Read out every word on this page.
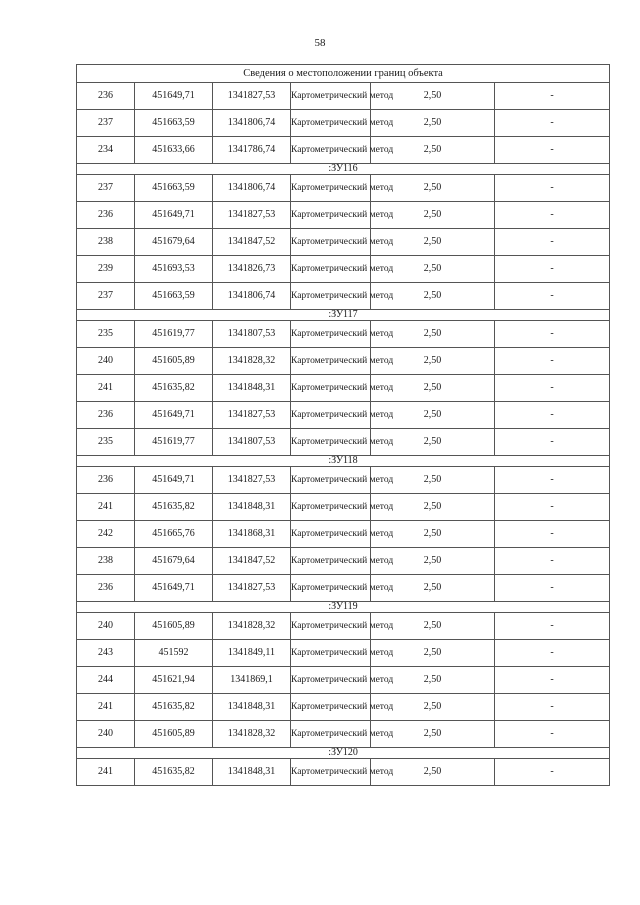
58
Сведения о местоположении границ объекта					
236	451649,71	1341827,53	Картометрический метод	2,50	-
237	451663,59	1341806,74	Картометрический метод	2,50	-
234	451633,66	1341786,74	Картометрический метод	2,50	-
:ЗУ116					
237	451663,59	1341806,74	Картометрический метод	2,50	-
236	451649,71	1341827,53	Картометрический метод	2,50	-
238	451679,64	1341847,52	Картометрический метод	2,50	-
239	451693,53	1341826,73	Картометрический метод	2,50	-
237	451663,59	1341806,74	Картометрический метод	2,50	-
:ЗУ117					
235	451619,77	1341807,53	Картометрический метод	2,50	-
240	451605,89	1341828,32	Картометрический метод	2,50	-
241	451635,82	1341848,31	Картометрический метод	2,50	-
236	451649,71	1341827,53	Картометрический метод	2,50	-
235	451619,77	1341807,53	Картометрический метод	2,50	-
:ЗУ118					
236	451649,71	1341827,53	Картометрический метод	2,50	-
241	451635,82	1341848,31	Картометрический метод	2,50	-
242	451665,76	1341868,31	Картометрический метод	2,50	-
238	451679,64	1341847,52	Картометрический метод	2,50	-
236	451649,71	1341827,53	Картометрический метод	2,50	-
:ЗУ119					
240	451605,89	1341828,32	Картометрический метод	2,50	-
243	451592	1341849,11	Картометрический метод	2,50	-
244	451621,94	1341869,1	Картометрический метод	2,50	-
241	451635,82	1341848,31	Картометрический метод	2,50	-
240	451605,89	1341828,32	Картометрический метод	2,50	-
:ЗУ120					
241	451635,82	1341848,31	Картометрический метод	2,50	-
